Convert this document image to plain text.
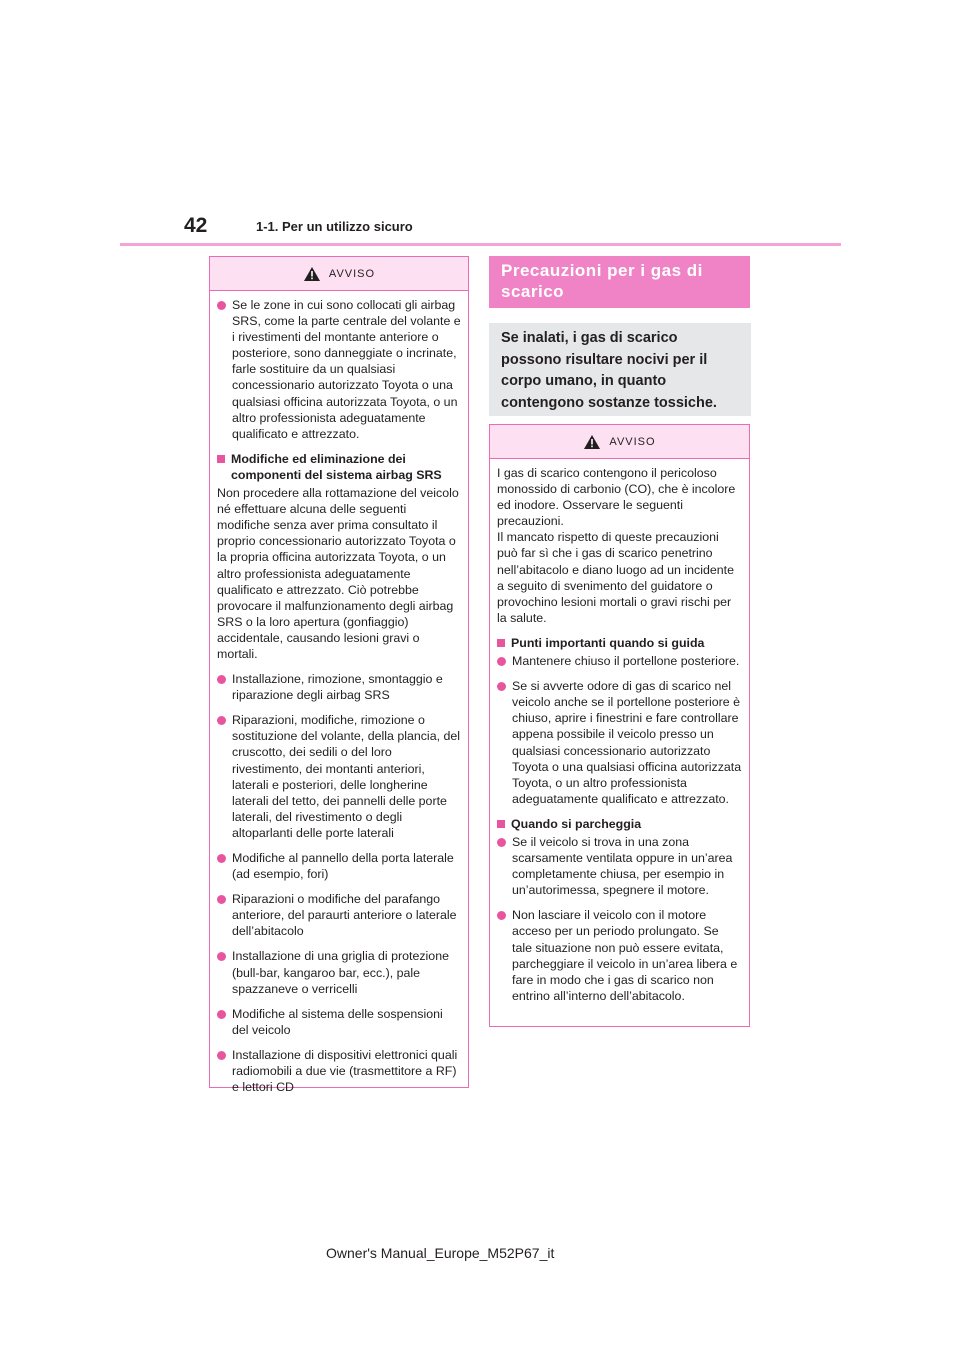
42	1-1. Per un utilizzo sicuro
AVVISO
Se le zone in cui sono collocati gli airbag SRS, come la parte centrale del volante e i rivestimenti del montante anteriore o posteriore, sono danneggiate o incrinate, farle sostituire da un qualsiasi concessionario autorizzato Toyota o una qualsiasi officina autorizzata Toyota, o un altro professionista adeguatamente qualificato e attrezzato.
Modifiche ed eliminazione dei componenti del sistema airbag SRS

Non procedere alla rottamazione del veicolo né effettuare alcuna delle seguenti modifiche senza aver prima consultato il proprio concessionario autorizzato Toyota o la propria officina autorizzata Toyota, o un altro professionista adeguatamente qualificato e attrezzato. Ciò potrebbe provocare il malfunzionamento degli airbag SRS o la loro apertura (gonfiaggio) accidentale, causando lesioni gravi o mortali.

Installazione, rimozione, smontaggio e riparazione degli airbag SRS
Riparazioni, modifiche, rimozione o sostituzione del volante, della plancia, del cruscotto, dei sedili o del loro rivestimento, dei montanti anteriori, laterali e posteriori, delle longherine laterali del tetto, dei pannelli delle porte laterali, del rivestimento o degli altoparlanti delle porte laterali
Modifiche al pannello della porta laterale (ad esempio, fori)
Riparazioni o modifiche del parafango anteriore, del paraurti anteriore o laterale dell’abitacolo
Installazione di una griglia di protezione (bull-bar, kangaroo bar, ecc.), pale spazzaneve o verricelli
Modifiche al sistema delle sospensioni del veicolo
Installazione di dispositivi elettronici quali radiomobili a due vie (trasmettitore a RF) e lettori CD
Precauzioni per i gas di scarico
Se inalati, i gas di scarico possono risultare nocivi per il corpo umano, in quanto contengono sostanze tossiche.
AVVISO

I gas di scarico contengono il pericoloso monossido di carbonio (CO), che è incolore ed inodore. Osservare le seguenti precauzioni.

Il mancato rispetto di queste precauzioni può far sì che i gas di scarico penetrino nell’abitacolo e diano luogo ad un incidente a seguito di svenimento del guidatore o provochino lesioni mortali o gravi rischi per la salute.

Punti importanti quando si guida
Mantenere chiuso il portellone posteriore.
Se si avverte odore di gas di scarico nel veicolo anche se il portellone posteriore è chiuso, aprire i finestrini e fare controllare appena possibile il veicolo presso un qualsiasi concessionario autorizzato Toyota o una qualsiasi officina autorizzata Toyota, o un altro professionista adeguatamente qualificato e attrezzato.
Quando si parcheggia
Se il veicolo si trova in una zona scarsamente ventilata oppure in un’area completamente chiusa, per esempio in un’autorimessa, spegnere il motore.
Non lasciare il veicolo con il motore acceso per un periodo prolungato. Se tale situazione non può essere evitata, parcheggiare il veicolo in un’area libera e fare in modo che i gas di scarico non entrino all’interno dell’abitacolo.
Owner's Manual_Europe_M52P67_it
